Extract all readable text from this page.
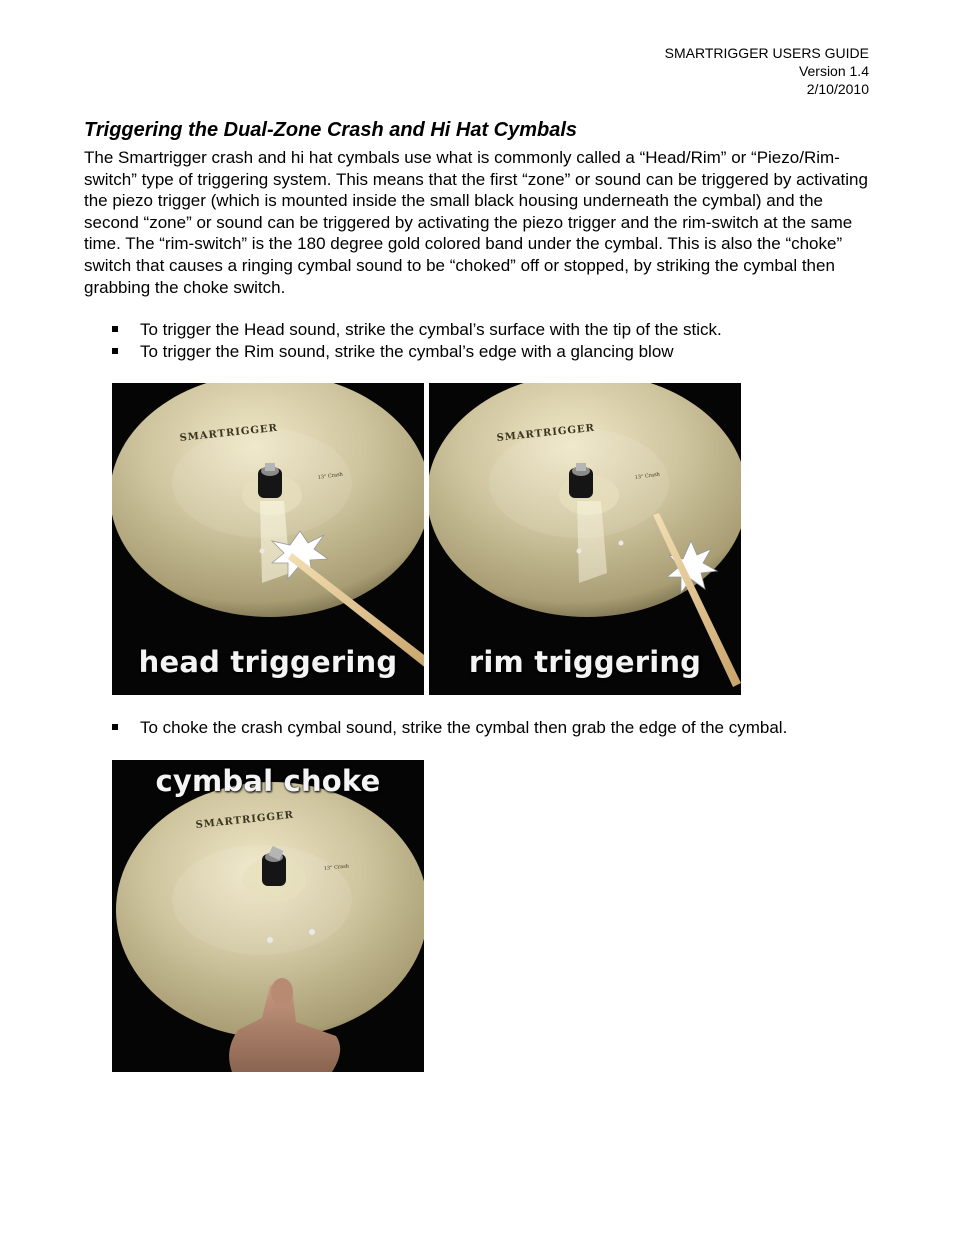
SMARTRIGGER USERS GUIDE
Version 1.4
2/10/2010
Triggering the Dual-Zone Crash and Hi Hat Cymbals

The Smartrigger crash and hi hat cymbals use what is commonly called a “Head/Rim” or “Piezo/Rim-switch” type of triggering system. This means that the first “zone” or sound can be triggered by activating the piezo trigger (which is mounted inside the small black housing underneath the cymbal) and the second “zone” or sound can be triggered by activating the piezo trigger and the rim-switch at the same time. The “rim-switch” is the 180 degree gold colored band under the cymbal. This is also the “choke” switch that causes a ringing cymbal sound to be “choked” off or stopped, by striking the cymbal then grabbing the choke switch.

To trigger the Head sound, strike the cymbal’s surface with the tip of the stick.
To trigger the Rim sound, strike the cymbal’s edge with a glancing blow
SMARTRIGGER
13" Crash
head triggering
SMARTRIGGER
13" Crash
rim triggering
To choke the crash cymbal sound, strike the cymbal then grab the edge of the cymbal.
SMARTRIGGER
13" Crash
cymbal choke
